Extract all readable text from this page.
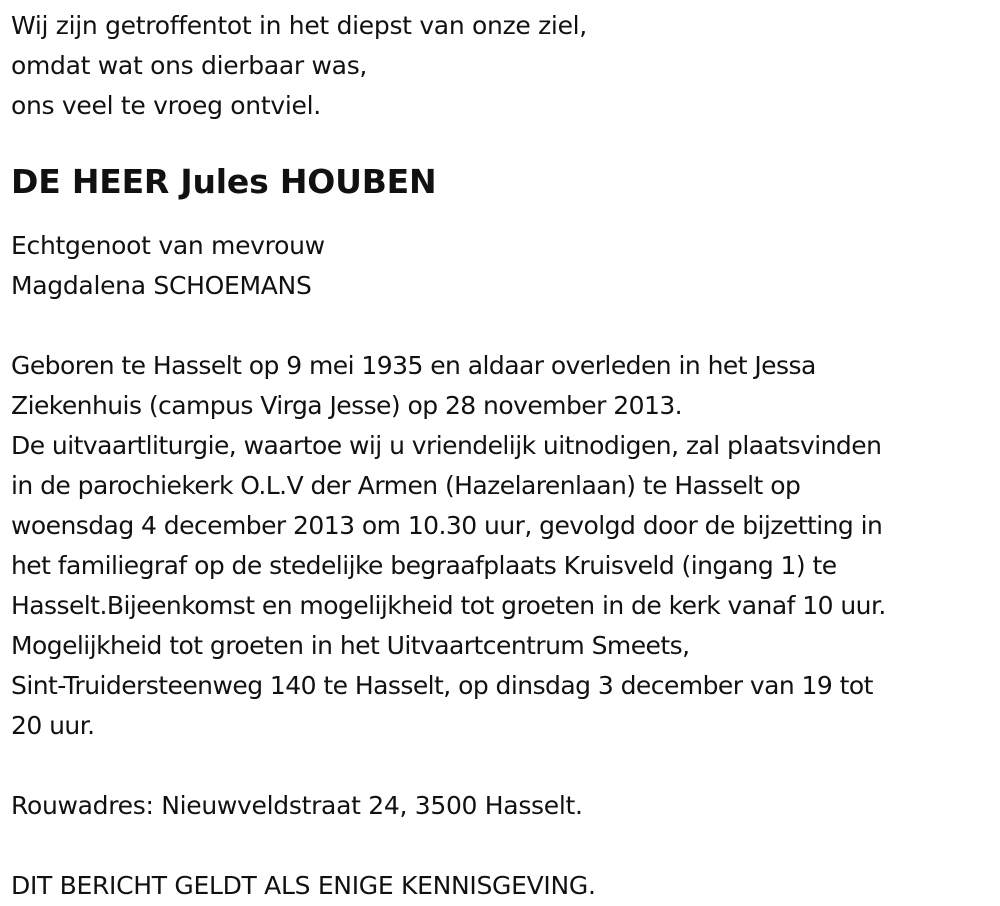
Wij zijn getroffentot in het diepst van onze ziel,
omdat wat ons dierbaar was,
ons veel te vroeg ontviel.
DE HEER Jules HOUBEN
Echtgenoot van mevrouw
Magdalena SCHOEMANS
Geboren te Hasselt op 9 mei 1935 en aldaar overleden in het Jessa
Ziekenhuis (campus Virga Jesse) op 28 november 2013.
De uitvaartliturgie, waartoe wij u vriendelijk uitnodigen, zal plaatsvinden
in de parochiekerk O.L.V der Armen (Hazelarenlaan) te Hasselt op
woensdag 4 december 2013 om 10.30 uur, gevolgd door de bijzetting in
het familiegraf op de stedelijke begraafplaats Kruisveld (ingang 1) te
Hasselt.Bijeenkomst en mogelijkheid tot groeten in de kerk vanaf 10 uur.
Mogelijkheid tot groeten in het Uitvaartcentrum Smeets,
Sint-Truidersteenweg 140 te Hasselt, op dinsdag 3 december van 19 tot
20 uur.
Rouwadres: Nieuwveldstraat 24, 3500 Hasselt.
DIT BERICHT GELDT ALS ENIGE KENNISGEVING.
